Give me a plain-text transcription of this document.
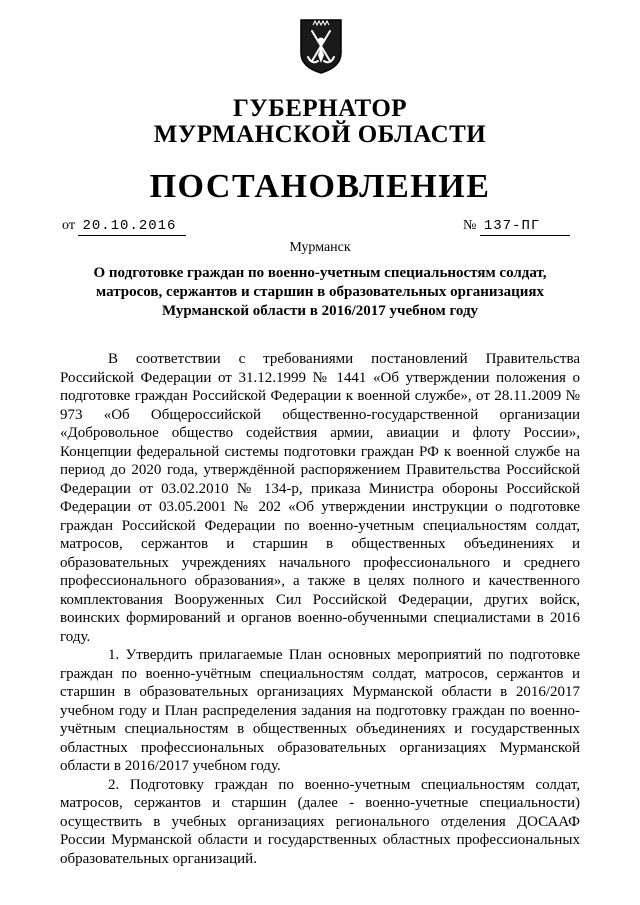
ГУБЕРНАТОР
МУРМАНСКОЙ ОБЛАСТИ
ПОСТАНОВЛЕНИЕ
от 20.10.2016	№ 137-ПГ
Мурманск
О подготовке граждан по военно-учетным специальностям солдат, матросов, сержантов и старшин в образовательных организациях Мурманской области в 2016/2017 учебном году

В соответствии с требованиями постановлений Правительства Российской Федерации от 31.12.1999 № 1441 «Об утверждении положения о подготовке граждан Российской Федерации к военной службе», от 28.11.2009 № 973 «Об Общероссийской общественно-государственной организации «Добровольное общество содействия армии, авиации и флоту России», Концепции федеральной системы подготовки граждан РФ к военной службе на период до 2020 года, утверждённой распоряжением Правительства Российской Федерации от 03.02.2010 № 134-р, приказа Министра обороны Российской Федерации от 03.05.2001 № 202 «Об утверждении инструкции о подготовке граждан Российской Федерации по военно-учетным специальностям солдат, матросов, сержантов и старшин в общественных объединениях и образовательных учреждениях начального профессионального и среднего профессионального образования», а также в целях полного и качественного комплектования Вооруженных Сил Российской Федерации, других войск, воинских формирований и органов военно-обученными специалистами в 2016 году.

1. Утвердить прилагаемые План основных мероприятий по подготовке граждан по военно-учётным специальностям солдат, матросов, сержантов и старшин в образовательных организациях Мурманской области в 2016/2017 учебном году и План распределения задания на подготовку граждан по военно-учётным специальностям в общественных объединениях и государственных областных профессиональных образовательных организациях Мурманской области в 2016/2017 учебном году.

2. Подготовку граждан по военно-учетным специальностям солдат, матросов, сержантов и старшин (далее - военно-учетные специальности) осуществить в учебных организациях регионального отделения ДОСААФ России Мурманской области и государственных областных профессиональных образовательных организаций.
